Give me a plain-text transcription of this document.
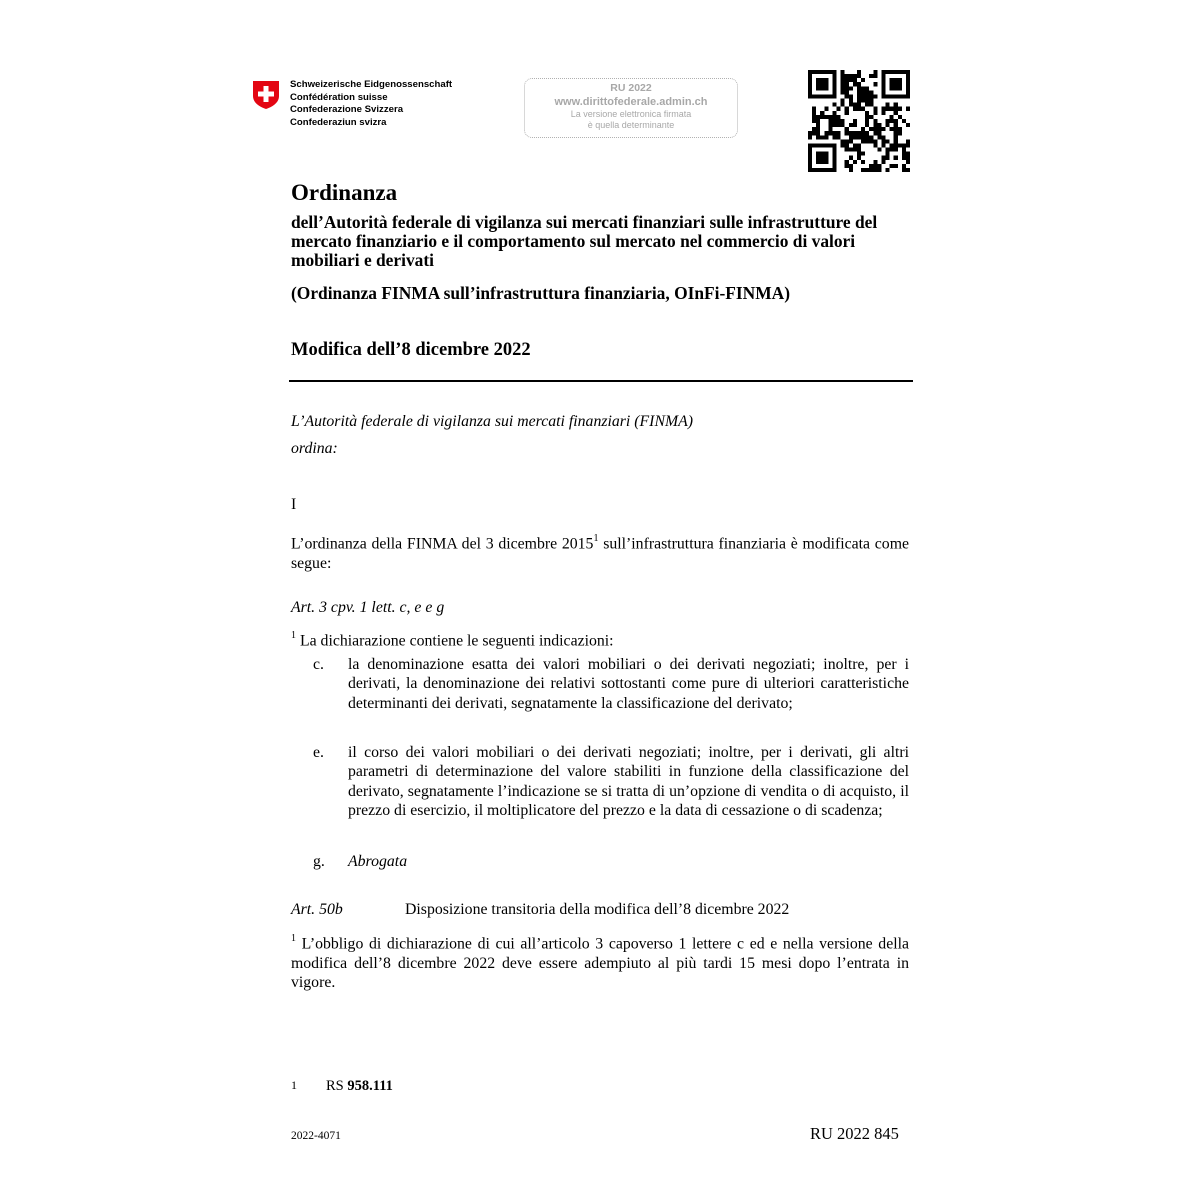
Schweizerische Eidgenossenschaft
Confédération suisse
Confederazione Svizzera
Confederaziun svizra
RU 2022
www.dirittofederale.admin.ch
La versione elettronica firmata
è quella determinante
Ordinanza
dell’Autorità federale di vigilanza sui mercati finanziari sulle infrastrutture del mercato finanziario e il comportamento sul mercato nel commercio di valori mobiliari e derivati
(Ordinanza FINMA sull’infrastruttura finanziaria, OInFi-FINMA)
Modifica dell’8 dicembre 2022
L’Autorità federale di vigilanza sui mercati finanziari (FINMA)
ordina:
I
L’ordinanza della FINMA del 3 dicembre 2015$^1$ sull’infrastruttura finanziaria è modificata come segue:
Art. 3 cpv. 1 lett. c, e e g
$^1$ La dichiarazione contiene le seguenti indicazioni:
c. la denominazione esatta dei valori mobiliari o dei derivati negoziati; inoltre, per i derivati, la denominazione dei relativi sottostanti come pure di ulteriori caratteristiche determinanti dei derivati, segnatamente la classificazione del derivato;
e. il corso dei valori mobiliari o dei derivati negoziati; inoltre, per i derivati, gli altri parametri di determinazione del valore stabiliti in funzione della classificazione del derivato, segnatamente l’indicazione se si tratta di un’opzione di vendita o di acquisto, il prezzo di esercizio, il moltiplicatore del prezzo e la data di cessazione o di scadenza;
g. Abrogata
Art. 50b	Disposizione transitoria della modifica dell’8 dicembre 2022
$^1$ L’obbligo di dichiarazione di cui all’articolo 3 capoverso 1 lettere c ed e nella versione della modifica dell’8 dicembre 2022 deve essere adempiuto al più tardi 15 mesi dopo l’entrata in vigore.
1 RS 958.111
2022-4071	RU 2022 845
